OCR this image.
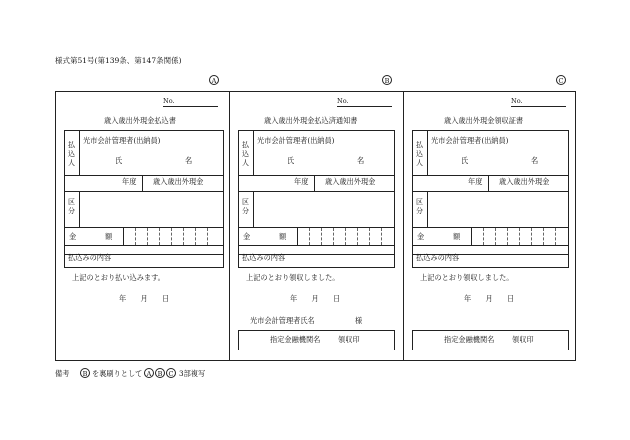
様式第51号(第139条、第147条関係)
A	B	C
No.
歳入歳出外現金払込書
払込人
光市会計管理者(出納員)
氏	名
年度 歳入歳出外現金
区分
金	額
払込みの内容
上記のとおり払い込みます。
年 月 日
No.
歳入歳出外現金払込済通知書
払込人
光市会計管理者(出納員)
氏	名
年度 歳入歳出外現金
区分
金	額
払込みの内容
上記のとおり領収しました。
年 月 日
光市会計管理者氏名	様
指定金融機関名 領収印
No.
歳入歳出外現金領収証書
払込人
光市会計管理者(出納員)
氏	名
年度 歳入歳出外現金
区分
金	額
払込みの内容
上記のとおり領収しました。
年 月 日
指定金融機関名 領収印
備考	B を裏刷りとして A B C 3部複写
